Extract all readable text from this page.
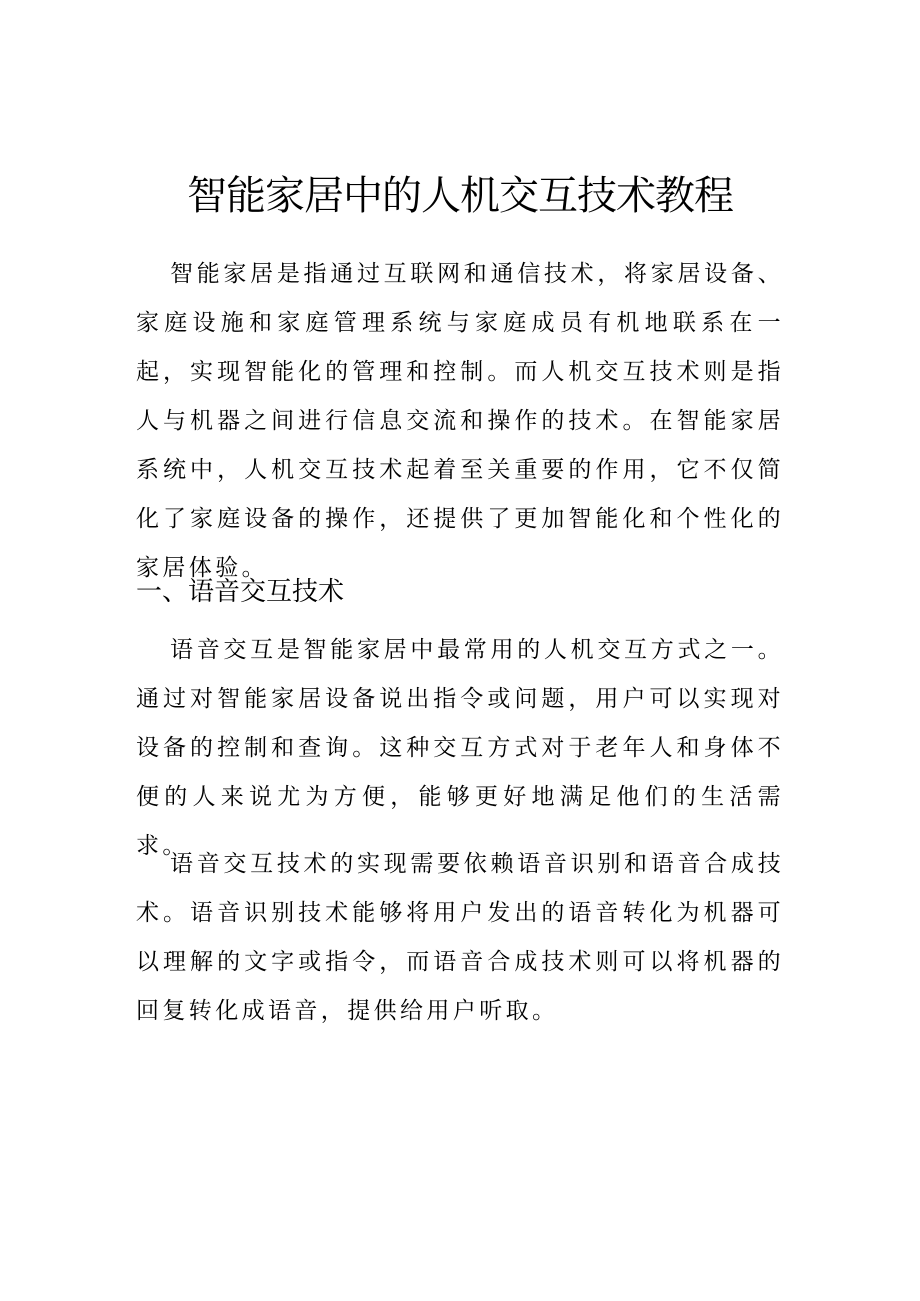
智能家居中的人机交互技术教程

智能家居是指通过互联网和通信技术，将家居设备、家庭设施和家庭管理系统与家庭成员有机地联系在一起，实现智能化的管理和控制。而人机交互技术则是指人与机器之间进行信息交流和操作的技术。在智能家居系统中，人机交互技术起着至关重要的作用，它不仅简化了家庭设备的操作，还提供了更加智能化和个性化的家居体验。

一、语音交互技术

语音交互是智能家居中最常用的人机交互方式之一。通过对智能家居设备说出指令或问题，用户可以实现对设备的控制和查询。这种交互方式对于老年人和身体不便的人来说尤为方便，能够更好地满足他们的生活需求。

语音交互技术的实现需要依赖语音识别和语音合成技术。语音识别技术能够将用户发出的语音转化为机器可以理解的文字或指令，而语音合成技术则可以将机器的回复转化成语音，提供给用户听取。
